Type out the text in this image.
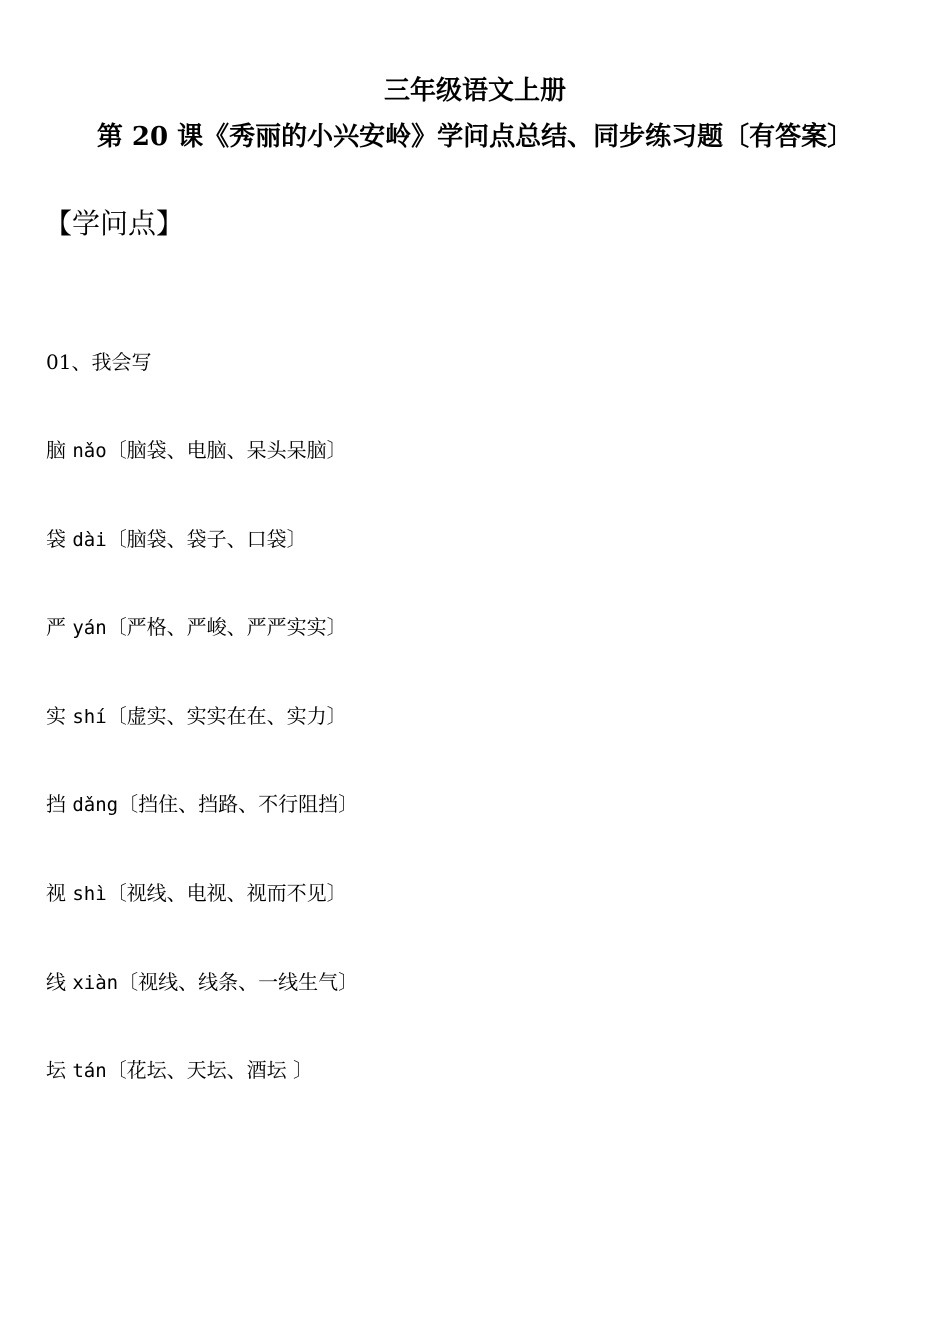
三年级语文上册
第 20 课《秀丽的小兴安岭》学问点总结、同步练习题〔有答案〕
【学问点】
01、我会写
脑 nǎo〔脑袋、电脑、呆头呆脑〕
袋 dài〔脑袋、袋子、口袋〕
严 yán〔严格、严峻、严严实实〕
实 shí〔虚实、实实在在、实力〕
挡 dǎng〔挡住、挡路、不行阻挡〕
视 shì〔视线、电视、视而不见〕
线 xiàn〔视线、线条、一线生气〕
坛 tán〔花坛、天坛、酒坛 〕
